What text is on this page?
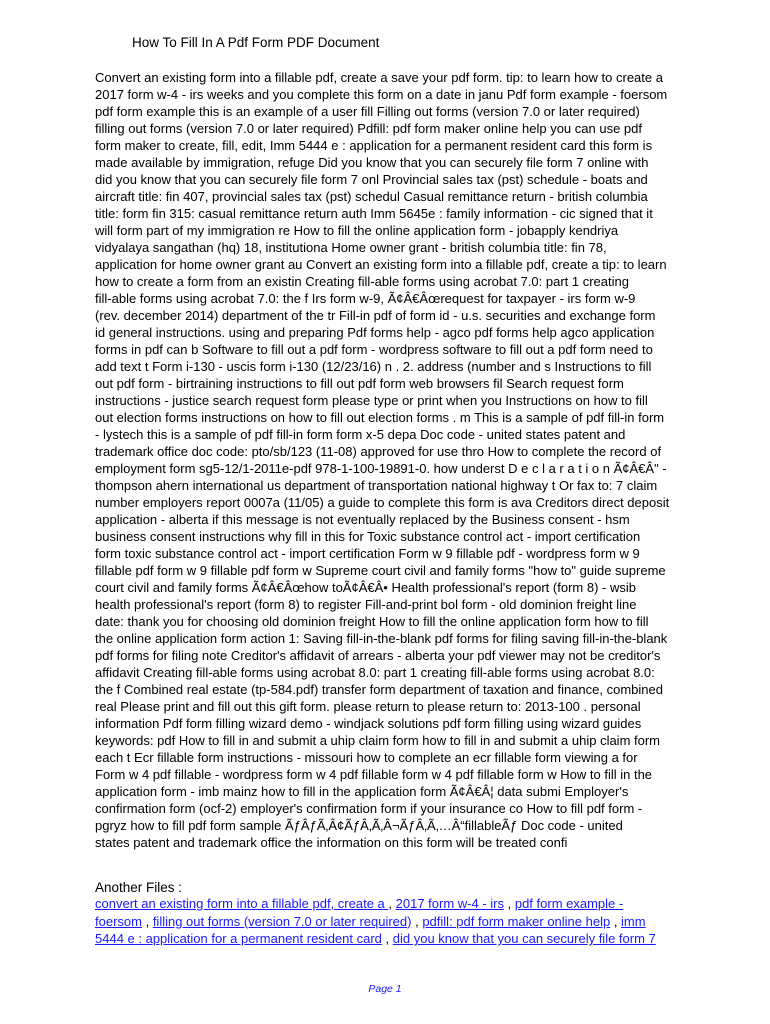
How To Fill In A Pdf Form PDF Document
Convert an existing form into a fillable pdf, create a save your pdf form. tip: to learn how to create a
2017 form w-4 - irs weeks and you complete this form on a date in janu Pdf form example - foersom
pdf form example this is an example of a user fill Filling out forms (version 7.0 or later required)
filling out forms (version 7.0 or later required) Pdfill: pdf form maker online help you can use pdf
form maker to create, fill, edit, Imm 5444 e : application for a permanent resident card this form is
made available by immigration, refuge Did you know that you can securely file form 7 online with
did you know that you can securely file form 7 onl Provincial sales tax (pst) schedule - boats and
aircraft title: fin 407, provincial sales tax (pst) schedul Casual remittance return - british columbia
title: form fin 315: casual remittance return auth Imm 5645e : family information - cic signed that it
will form part of my immigration re How to fill the online application form - jobapply kendriya
vidyalaya sangathan (hq) 18, institutiona Home owner grant - british columbia title: fin 78,
application for home owner grant au Convert an existing form into a fillable pdf, create a tip: to learn
how to create a form from an existin Creating fill-able forms using acrobat 7.0: part 1 creating
fill-able forms using acrobat 7.0: the f Irs form w-9, Ã¢Â€Âœrequest for taxpayer - irs form w-9
(rev. december 2014) department of the tr Fill-in pdf of form id - u.s. securities and exchange form
id general instructions. using and preparing Pdf forms help - agco pdf forms help agco application
forms in pdf can b Software to fill out a pdf form - wordpress software to fill out a pdf form need to
add text t Form i-130 - uscis form i-130 (12/23/16) n . 2. address (number and s Instructions to fill
out pdf form - birtraining instructions to fill out pdf form web browsers fil Search request form
instructions - justice search request form please type or print when you Instructions on how to fill
out election forms instructions on how to fill out election forms . m This is a sample of pdf fill-in form
- lystech this is a sample of pdf fill-in form form x-5 depa Doc code - united states patent and
trademark office doc code: pto/sb/123 (11-08) approved for use thro How to complete the record of
employment form sg5-12/1-2011e-pdf 978-1-100-19891-0. how underst D e c l a r a t i o n Ã¢Â€Â" -
thompson ahern international us department of transportation national highway t Or fax to: 7 claim
number employers report 0007a (11/05) a guide to complete this form is ava Creditors direct deposit
application - alberta if this message is not eventually replaced by the Business consent - hsm
business consent instructions why fill in this for Toxic substance control act - import certification
form toxic substance control act - import certification Form w 9 fillable pdf - wordpress form w 9
fillable pdf form w 9 fillable pdf form w Supreme court civil and family forms "how to" guide supreme
court civil and family forms Ã¢Â€Âœhow toÃ¢Â€Â• Health professional's report (form 8) - wsib
health professional's report (form 8) to register Fill-and-print bol form - old dominion freight line
date: thank you for choosing old dominion freight How to fill the online application form how to fill
the online application form action 1: Saving fill-in-the-blank pdf forms for filing saving fill-in-the-blank
pdf forms for filing note Creditor's affidavit of arrears - alberta your pdf viewer may not be creditor's
affidavit Creating fill-able forms using acrobat 8.0: part 1 creating fill-able forms using acrobat 8.0:
the f Combined real estate (tp-584.pdf) transfer form department of taxation and finance, combined
real Please print and fill out this gift form. please return to please return to: 2013-100 . personal
information Pdf form filling wizard demo - windjack solutions pdf form filling using wizard guides
keywords: pdf How to fill in and submit a uhip claim form how to fill in and submit a uhip claim form
each t Ecr fillable form instructions - missouri how to complete an ecr fillable form viewing a for
Form w 4 pdf fillable - wordpress form w 4 pdf fillable form w 4 pdf fillable form w How to fill in the
application form - imb mainz how to fill in the application form Ã¢Â€Â¦ data submi Employer's
confirmation form (ocf-2) employer's confirmation form if your insurance co How to fill pdf form -
pgryz how to fill pdf form sample ÃƒÂƒÃ‚Â¢ÃƒÂ‚Ã‚Â¬ÃƒÂ‚Ã‚…Â“fillableÃƒ Doc code - united
states patent and trademark office the information on this form will be treated confi
Another Files :
convert an existing form into a fillable pdf, create a , 2017 form w-4 - irs , pdf form example -
foersom , filling out forms (version 7.0 or later required) , pdfill: pdf form maker online help , imm
5444 e : application for a permanent resident card , did you know that you can securely file form 7
Page 1
